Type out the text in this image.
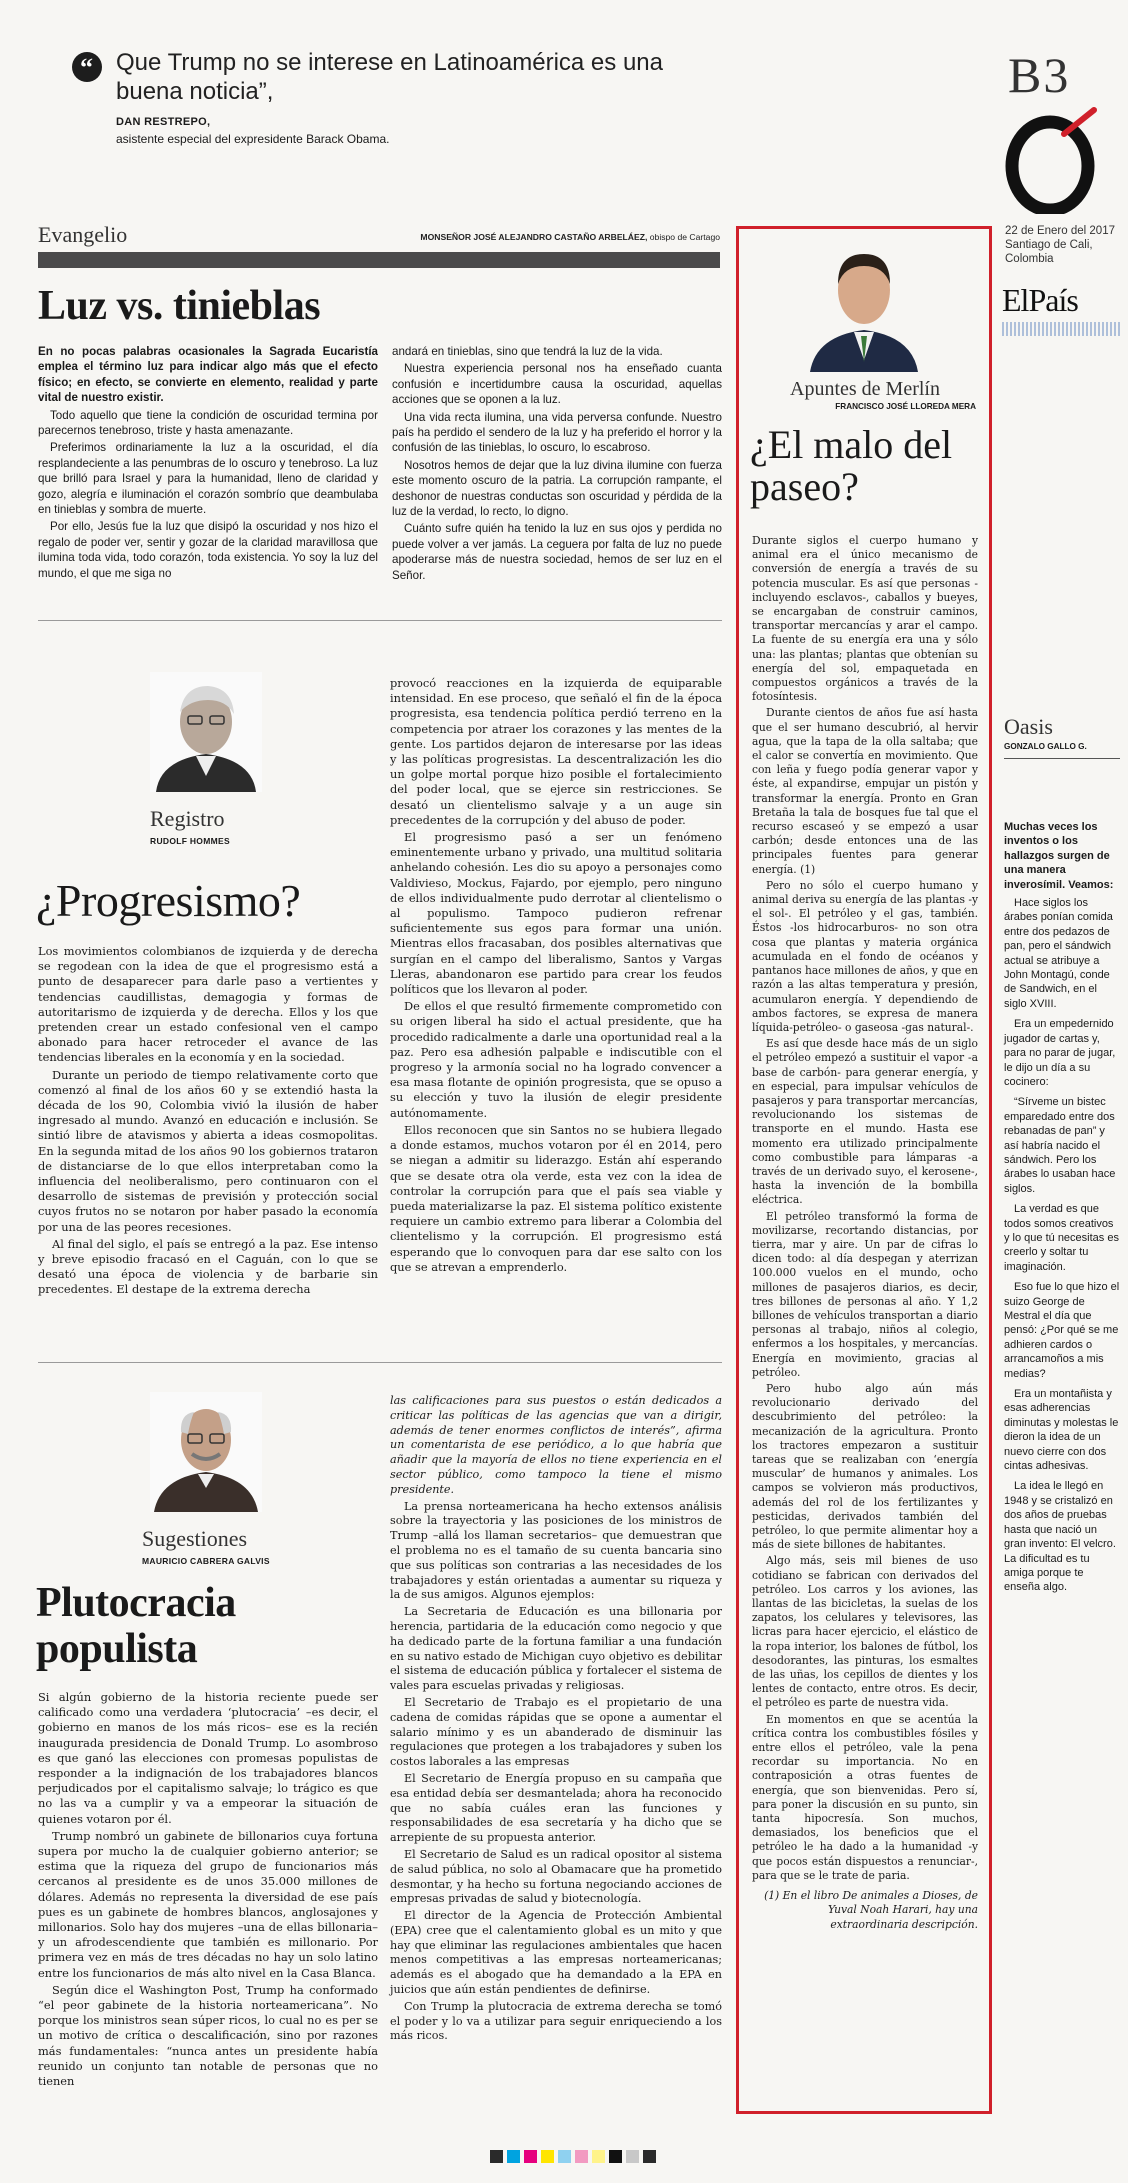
“ Que Trump no se interese en Latinoamérica es una buena noticia”,
DAN RESTREPO,
asistente especial del expresidente Barack Obama.
B3
22 de Enero del 2017 Santiago de Cali, Colombia
ElPaís
Evangelio	MONSEÑOR JOSÉ ALEJANDRO CASTAÑO ARBELÁEZ, obispo de Cartago
Luz vs. tinieblas

En no pocas palabras ocasionales la Sagrada Eucaristía emplea el término luz para indicar algo más que el efecto físico; en efecto, se convierte en elemento, realidad y parte vital de nuestro existir.

Todo aquello que tiene la condición de oscuridad termina por parecernos tenebroso, triste y hasta amenazante.

Preferimos ordinariamente la luz a la oscuridad, el día resplandeciente a las penumbras de lo oscuro y tenebroso. La luz que brilló para Israel y para la humanidad, lleno de claridad y gozo, alegría e iluminación el corazón sombrío que deambulaba en tinieblas y sombra de muerte.

Por ello, Jesús fue la luz que disipó la oscuridad y nos hizo el regalo de poder ver, sentir y gozar de la claridad maravillosa que ilumina toda vida, todo corazón, toda existencia. Yo soy la luz del mundo, el que me siga no

andará en tinieblas, sino que tendrá la luz de la vida.

Nuestra experiencia personal nos ha enseñado cuanta confusión e incertidumbre causa la oscuridad, aquellas acciones que se oponen a la luz.

Una vida recta ilumina, una vida perversa confunde. Nuestro país ha perdido el sendero de la luz y ha preferido el horror y la confusión de las tinieblas, lo oscuro, lo escabroso.

Nosotros hemos de dejar que la luz divina ilumine con fuerza este momento oscuro de la patria. La corrupción rampante, el deshonor de nuestras conductas son oscuridad y pérdida de la luz de la verdad, lo recto, lo digno.

Cuánto sufre quién ha tenido la luz en sus ojos y perdida no puede volver a ver jamás. La ceguera por falta de luz no puede apoderarse más de nuestra sociedad, hemos de ser luz en el Señor.

Registro
RUDOLF HOMMES
¿Progresismo?

Los movimientos colombianos de izquierda y de derecha se regodean con la idea de que el progresismo está a punto de desaparecer para darle paso a vertientes y tendencias caudillistas, demagogia y formas de autoritarismo de izquierda y de derecha. Ellos y los que pretenden crear un estado confesional ven el campo abonado para hacer retroceder el avance de las tendencias liberales en la economía y en la sociedad.

Durante un periodo de tiempo relativamente corto que comenzó al final de los años 60 y se extendió hasta la década de los 90, Colombia vivió la ilusión de haber ingresado al mundo. Avanzó en educación e inclusión. Se sintió libre de atavismos y abierta a ideas cosmopolitas. En la segunda mitad de los años 90 los gobiernos trataron de distanciarse de lo que ellos interpretaban como la influencia del neoliberalismo, pero continuaron con el desarrollo de sistemas de previsión y protección social cuyos frutos no se notaron por haber pasado la economía por una de las peores recesiones.

Al final del siglo, el país se entregó a la paz. Ese intenso y breve episodio fracasó en el Caguán, con lo que se desató una época de violencia y de barbarie sin precedentes. El destape de la extrema derecha

provocó reacciones en la izquierda de equiparable intensidad. En ese proceso, que señaló el fin de la época progresista, esa tendencia política perdió terreno en la competencia por atraer los corazones y las mentes de la gente. Los partidos dejaron de interesarse por las ideas y las políticas progresistas. La descentralización les dio un golpe mortal porque hizo posible el fortalecimiento del poder local, que se ejerce sin restricciones. Se desató un clientelismo salvaje y a un auge sin precedentes de la corrupción y del abuso de poder.

El progresismo pasó a ser un fenómeno eminentemente urbano y privado, una multitud solitaria anhelando cohesión. Les dio su apoyo a personajes como Valdivieso, Mockus, Fajardo, por ejemplo, pero ninguno de ellos individualmente pudo derrotar al clientelismo o al populismo. Tampoco pudieron refrenar suficientemente sus egos para formar una unión. Mientras ellos fracasaban, dos posibles alternativas que surgían en el campo del liberalismo, Santos y Vargas Lleras, abandonaron ese partido para crear los feudos políticos que los llevaron al poder.

De ellos el que resultó firmemente comprometido con su origen liberal ha sido el actual presidente, que ha procedido radicalmente a darle una oportunidad real a la paz. Pero esa adhesión palpable e indiscutible con el progreso y la armonía social no ha logrado convencer a esa masa flotante de opinión progresista, que se opuso a su elección y tuvo la ilusión de elegir presidente autónomamente.

Ellos reconocen que sin Santos no se hubiera llegado a donde estamos, muchos votaron por él en 2014, pero se niegan a admitir su liderazgo. Están ahí esperando que se desate otra ola verde, esta vez con la idea de controlar la corrupción para que el país sea viable y pueda materializarse la paz. El sistema político existente requiere un cambio extremo para liberar a Colombia del clientelismo y la corrupción. El progresismo está esperando que lo convoquen para dar ese salto con los que se atrevan a emprenderlo.

Sugestiones
MAURICIO CABRERA GALVIS
Plutocracia populista

Si algún gobierno de la historia reciente puede ser calificado como una verdadera ‘plutocracia’ –es decir, el gobierno en manos de los más ricos– ese es la recién inaugurada presidencia de Donald Trump. Lo asombroso es que ganó las elecciones con promesas populistas de responder a la indignación de los trabajadores blancos perjudicados por el capitalismo salvaje; lo trágico es que no las va a cumplir y va a empeorar la situación de quienes votaron por él.

Trump nombró un gabinete de billonarios cuya fortuna supera por mucho la de cualquier gobierno anterior; se estima que la riqueza del grupo de funcionarios más cercanos al presidente es de unos 35.000 millones de dólares. Además no representa la diversidad de ese país pues es un gabinete de hombres blancos, anglosajones y millonarios. Solo hay dos mujeres –una de ellas billonaria– y un afrodescendiente que también es millonario. Por primera vez en más de tres décadas no hay un solo latino entre los funcionarios de más alto nivel en la Casa Blanca.

Según dice el Washington Post, Trump ha conformado “el peor gabinete de la historia norteamericana”. No porque los ministros sean súper ricos, lo cual no es per se un motivo de crítica o descalificación, sino por razones más fundamentales: “nunca antes un presidente había reunido un conjunto tan notable de personas que no tienen

las calificaciones para sus puestos o están dedicados a criticar las políticas de las agencias que van a dirigir, además de tener enormes conflictos de interés”, afirma un comentarista de ese periódico, a lo que habría que añadir que la mayoría de ellos no tiene experiencia en el sector público, como tampoco la tiene el mismo presidente.

La prensa norteamericana ha hecho extensos análisis sobre la trayectoria y las posiciones de los ministros de Trump –allá los llaman secretarios– que demuestran que el problema no es el tamaño de su cuenta bancaria sino que sus políticas son contrarias a las necesidades de los trabajadores y están orientadas a aumentar su riqueza y la de sus amigos. Algunos ejemplos:

La Secretaria de Educación es una billonaria por herencia, partidaria de la educación como negocio y que ha dedicado parte de la fortuna familiar a una fundación en su nativo estado de Michigan cuyo objetivo es debilitar el sistema de educación pública y fortalecer el sistema de vales para escuelas privadas y religiosas.

El Secretario de Trabajo es el propietario de una cadena de comidas rápidas que se opone a aumentar el salario mínimo y es un abanderado de disminuir las regulaciones que protegen a los trabajadores y suben los costos laborales a las empresas

El Secretario de Energía propuso en su campaña que esa entidad debía ser desmantelada; ahora ha reconocido que no sabía cuáles eran las funciones y responsabilidades de esa secretaría y ha dicho que se arrepiente de su propuesta anterior.

El Secretario de Salud es un radical opositor al sistema de salud pública, no solo al Obamacare que ha prometido desmontar, y ha hecho su fortuna negociando acciones de empresas privadas de salud y biotecnología.

El director de la Agencia de Protección Ambiental (EPA) cree que el calentamiento global es un mito y que hay que eliminar las regulaciones ambientales que hacen menos competitivas a las empresas norteamericanas; además es el abogado que ha demandado a la EPA en juicios que aún están pendientes de definirse.

Con Trump la plutocracia de extrema derecha se tomó el poder y lo va a utilizar para seguir enriqueciendo a los más ricos.

Apuntes de Merlín
FRANCISCO JOSÉ LLOREDA MERA
¿El malo del paseo?

Durante siglos el cuerpo humano y animal era el único mecanismo de conversión de energía a través de su potencia muscular. Es así que personas -incluyendo esclavos-, caballos y bueyes, se encargaban de construir caminos, transportar mercancías y arar el campo. La fuente de su energía era una y sólo una: las plantas; plantas que obtenían su energía del sol, empaquetada en compuestos orgánicos a través de la fotosíntesis.

Durante cientos de años fue así hasta que el ser humano descubrió, al hervir agua, que la tapa de la olla saltaba; que el calor se convertía en movimiento. Que con leña y fuego podía generar vapor y éste, al expandirse, empujar un pistón y transformar la energía. Pronto en Gran Bretaña la tala de bosques fue tal que el recurso escaseó y se empezó a usar carbón; desde entonces una de las principales fuentes para generar energía. (1)

Pero no sólo el cuerpo humano y animal deriva su energía de las plantas -y el sol-. El petróleo y el gas, también. Éstos -los hidrocarburos- no son otra cosa que plantas y materia orgánica acumulada en el fondo de océanos y pantanos hace millones de años, y que en razón a las altas temperatura y presión, acumularon energía. Y dependiendo de ambos factores, se expresa de manera líquida-petróleo- o gaseosa -gas natural-.

Es así que desde hace más de un siglo el petróleo empezó a sustituir el vapor -a base de carbón- para generar energía, y en especial, para impulsar vehículos de pasajeros y para transportar mercancías, revolucionando los sistemas de transporte en el mundo. Hasta ese momento era utilizado principalmente como combustible para lámparas -a través de un derivado suyo, el kerosene-, hasta la invención de la bombilla eléctrica.

El petróleo transformó la forma de movilizarse, recortando distancias, por tierra, mar y aire. Un par de cifras lo dicen todo: al día despegan y aterrizan 100.000 vuelos en el mundo, ocho millones de pasajeros diarios, es decir, tres billones de personas al año. Y 1,2 billones de vehículos transportan a diario personas al trabajo, niños al colegio, enfermos a los hospitales, y mercancías. Energía en movimiento, gracias al petróleo.

Pero hubo algo aún más revolucionario derivado del descubrimiento del petróleo: la mecanización de la agricultura. Pronto los tractores empezaron a sustituir tareas que se realizaban con ‘energía muscular’ de humanos y animales. Los campos se volvieron más productivos, además del rol de los fertilizantes y pesticidas, derivados también del petróleo, lo que permite alimentar hoy a más de siete billones de habitantes.

Algo más, seis mil bienes de uso cotidiano se fabrican con derivados del petróleo. Los carros y los aviones, las llantas de las bicicletas, la suelas de los zapatos, los celulares y televisores, las licras para hacer ejercicio, el elástico de la ropa interior, los balones de fútbol, los desodorantes, las pinturas, los esmaltes de las uñas, los cepillos de dientes y los lentes de contacto, entre otros. Es decir, el petróleo es parte de nuestra vida.

En momentos en que se acentúa la crítica contra los combustibles fósiles y entre ellos el petróleo, vale la pena recordar su importancia. No en contraposición a otras fuentes de energía, que son bienvenidas. Pero sí, para poner la discusión en su punto, sin tanta hipocresía. Son muchos, demasiados, los beneficios que el petróleo le ha dado a la humanidad -y que pocos están dispuestos a renunciar-, para que se le trate de paria.

(1) En el libro De animales a Dioses, de Yuval Noah Harari, hay una extraordinaria descripción.

Oasis
GONZALO GALLO G.

Muchas veces los inventos o los hallazgos surgen de una manera inverosímil. Veamos:

Hace siglos los árabes ponían comida entre dos pedazos de pan, pero el sándwich actual se atribuye a John Montagú, conde de Sandwich, en el siglo XVIII.

Era un empedernido jugador de cartas y, para no parar de jugar, le dijo un día a su cocinero:

“Sírveme un bistec emparedado entre dos rebanadas de pan” y así habría nacido el sándwich. Pero los árabes lo usaban hace siglos.

La verdad es que todos somos creativos y lo que tú necesitas es creerlo y soltar tu imaginación.

Eso fue lo que hizo el suizo George de Mestral el día que pensó: ¿Por qué se me adhieren cardos o arrancamoños a mis medias?

Era un montañista y esas adherencias diminutas y molestas le dieron la idea de un nuevo cierre con dos cintas adhesivas.

La idea le llegó en 1948 y se cristalizó en dos años de pruebas hasta que nació un gran invento: El velcro. La dificultad es tu amiga porque te enseña algo.
